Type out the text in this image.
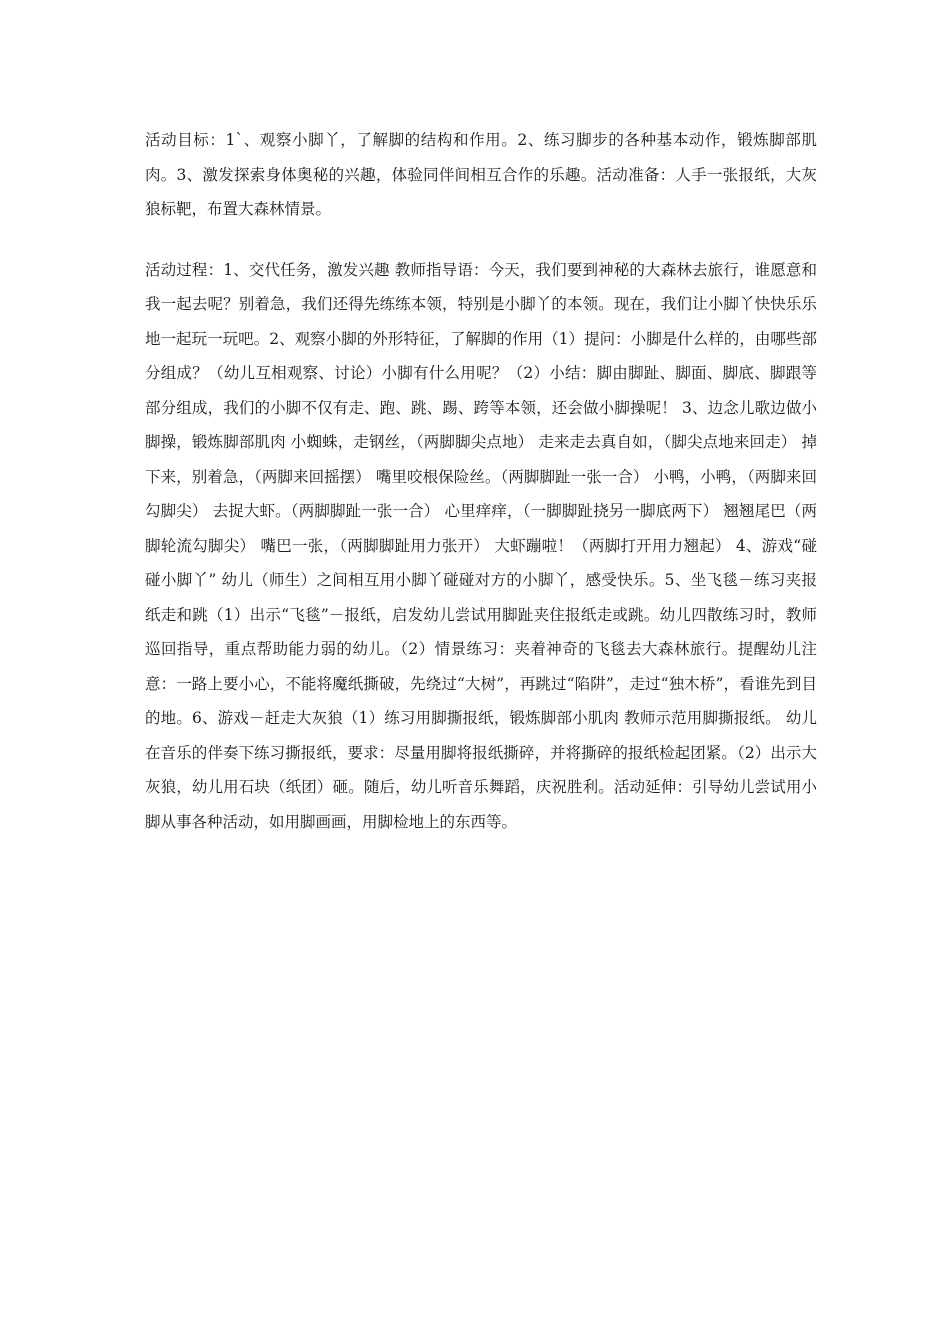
活动目标：1`、观察小脚丫，了解脚的结构和作用。2、练习脚步的各种基本动作，锻炼脚部肌肉。3、激发探索身体奥秘的兴趣，体验同伴间相互合作的乐趣。活动准备：人手一张报纸，大灰狼标靶，布置大森林情景。

活动过程：1、交代任务，激发兴趣 教师指导语：今天，我们要到神秘的大森林去旅行，谁愿意和我一起去呢？别着急，我们还得先练练本领，特别是小脚丫的本领。现在，我们让小脚丫快快乐乐地一起玩一玩吧。2、观察小脚的外形特征，了解脚的作用（1）提问：小脚是什么样的，由哪些部分组成？（幼儿互相观察、讨论）小脚有什么用呢？（2）小结：脚由脚趾、脚面、脚底、脚跟等部分组成，我们的小脚不仅有走、跑、跳、踢、跨等本领，还会做小脚操呢！ 3、边念儿歌边做小脚操，锻炼脚部肌肉 小蜘蛛，走钢丝，（两脚脚尖点地） 走来走去真自如，（脚尖点地来回走） 掉下来，别着急，（两脚来回摇摆） 嘴里咬根保险丝。（两脚脚趾一张一合） 小鸭，小鸭，（两脚来回勾脚尖） 去捉大虾。（两脚脚趾一张一合） 心里痒痒，（一脚脚趾挠另一脚底两下） 翘翘尾巴（两脚轮流勾脚尖） 嘴巴一张，（两脚脚趾用力张开） 大虾蹦啦！（两脚打开用力翘起） 4、游戏“碰碰小脚丫” 幼儿（师生）之间相互用小脚丫碰碰对方的小脚丫，感受快乐。5、坐飞毯－练习夹报纸走和跳（1）出示“飞毯”－报纸，启发幼儿尝试用脚趾夹住报纸走或跳。幼儿四散练习时，教师巡回指导，重点帮助能力弱的幼儿。（2）情景练习：夹着神奇的飞毯去大森林旅行。提醒幼儿注意：一路上要小心，不能将魔纸撕破，先绕过“大树”，再跳过“陷阱”，走过“独木桥”，看谁先到目的地。6、游戏－赶走大灰狼（1）练习用脚撕报纸，锻炼脚部小肌肉 教师示范用脚撕报纸。 幼儿在音乐的伴奏下练习撕报纸，要求：尽量用脚将报纸撕碎，并将撕碎的报纸检起团紧。（2）出示大灰狼，幼儿用石块（纸团）砸。随后，幼儿听音乐舞蹈，庆祝胜利。活动延伸：引导幼儿尝试用小脚从事各种活动，如用脚画画，用脚检地上的东西等。
